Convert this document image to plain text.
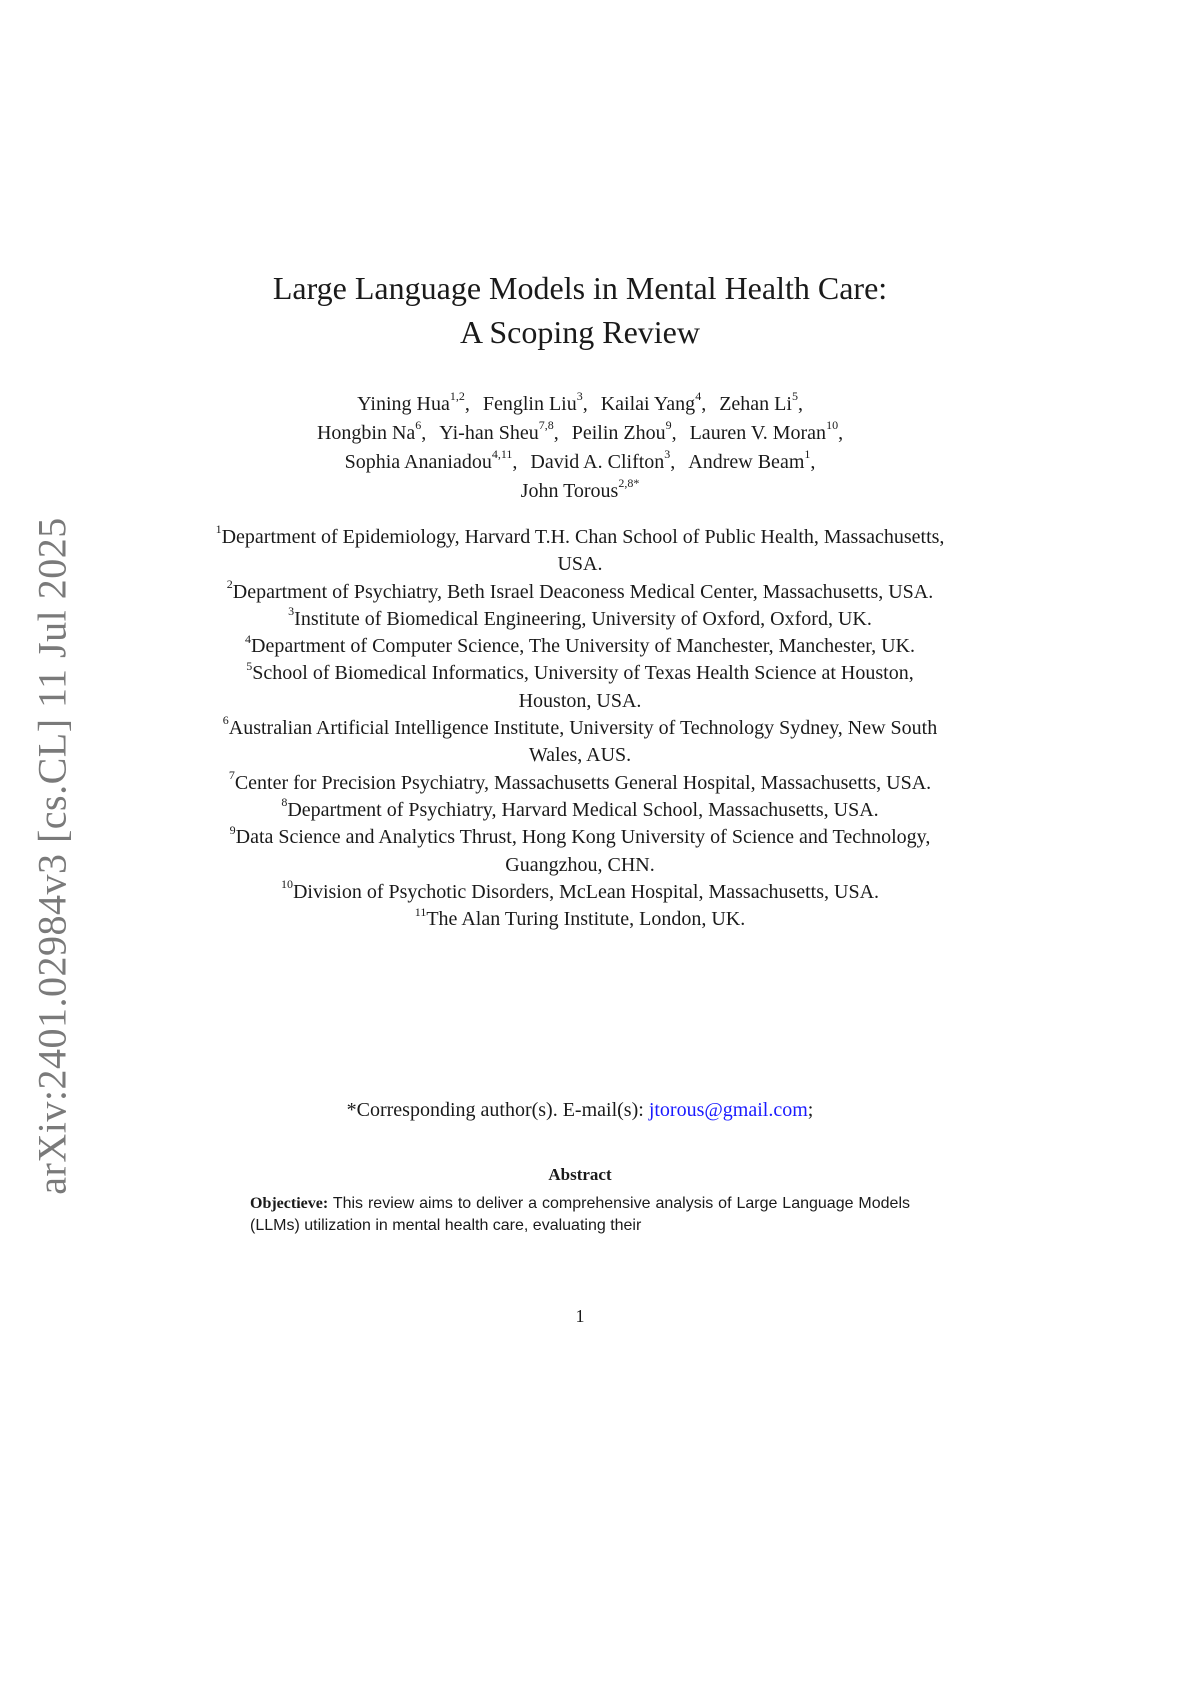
arXiv:2401.02984v3 [cs.CL] 11 Jul 2025
Large Language Models in Mental Health Care:
A Scoping Review
Yining Hua$^{1,2}$, Fenglin Liu$^3$, Kailai Yang$^4$, Zehan Li$^5$,
Hongbin Na$^6$, Yi-han Sheu$^{7,8}$, Peilin Zhou$^9$, Lauren V. Moran$^{10}$,
Sophia Ananiadou$^{4,11}$, David A. Clifton$^3$, Andrew Beam$^1$,
John Torous$^{2,8*}$

$^1$Department of Epidemiology, Harvard T.H. Chan School of Public Health, Massachusetts, USA.

$^2$Department of Psychiatry, Beth Israel Deaconess Medical Center, Massachusetts, USA.

$^3$Institute of Biomedical Engineering, University of Oxford, Oxford, UK.

$^4$Department of Computer Science, The University of Manchester, Manchester, UK.

$^5$School of Biomedical Informatics, University of Texas Health Science at Houston, Houston, USA.

$^6$Australian Artificial Intelligence Institute, University of Technology Sydney, New South Wales, AUS.

$^7$Center for Precision Psychiatry, Massachusetts General Hospital, Massachusetts, USA.

$^8$Department of Psychiatry, Harvard Medical School, Massachusetts, USA.

$^9$Data Science and Analytics Thrust, Hong Kong University of Science and Technology, Guangzhou, CHN.

$^{10}$Division of Psychotic Disorders, McLean Hospital, Massachusetts, USA.

$^{11}$The Alan Turing Institute, London, UK.

*Corresponding author(s). E-mail(s): jtorous@gmail.com;
Abstract
Objectieve: This review aims to deliver a comprehensive analysis of Large Language Models (LLMs) utilization in mental health care, evaluating their
1
